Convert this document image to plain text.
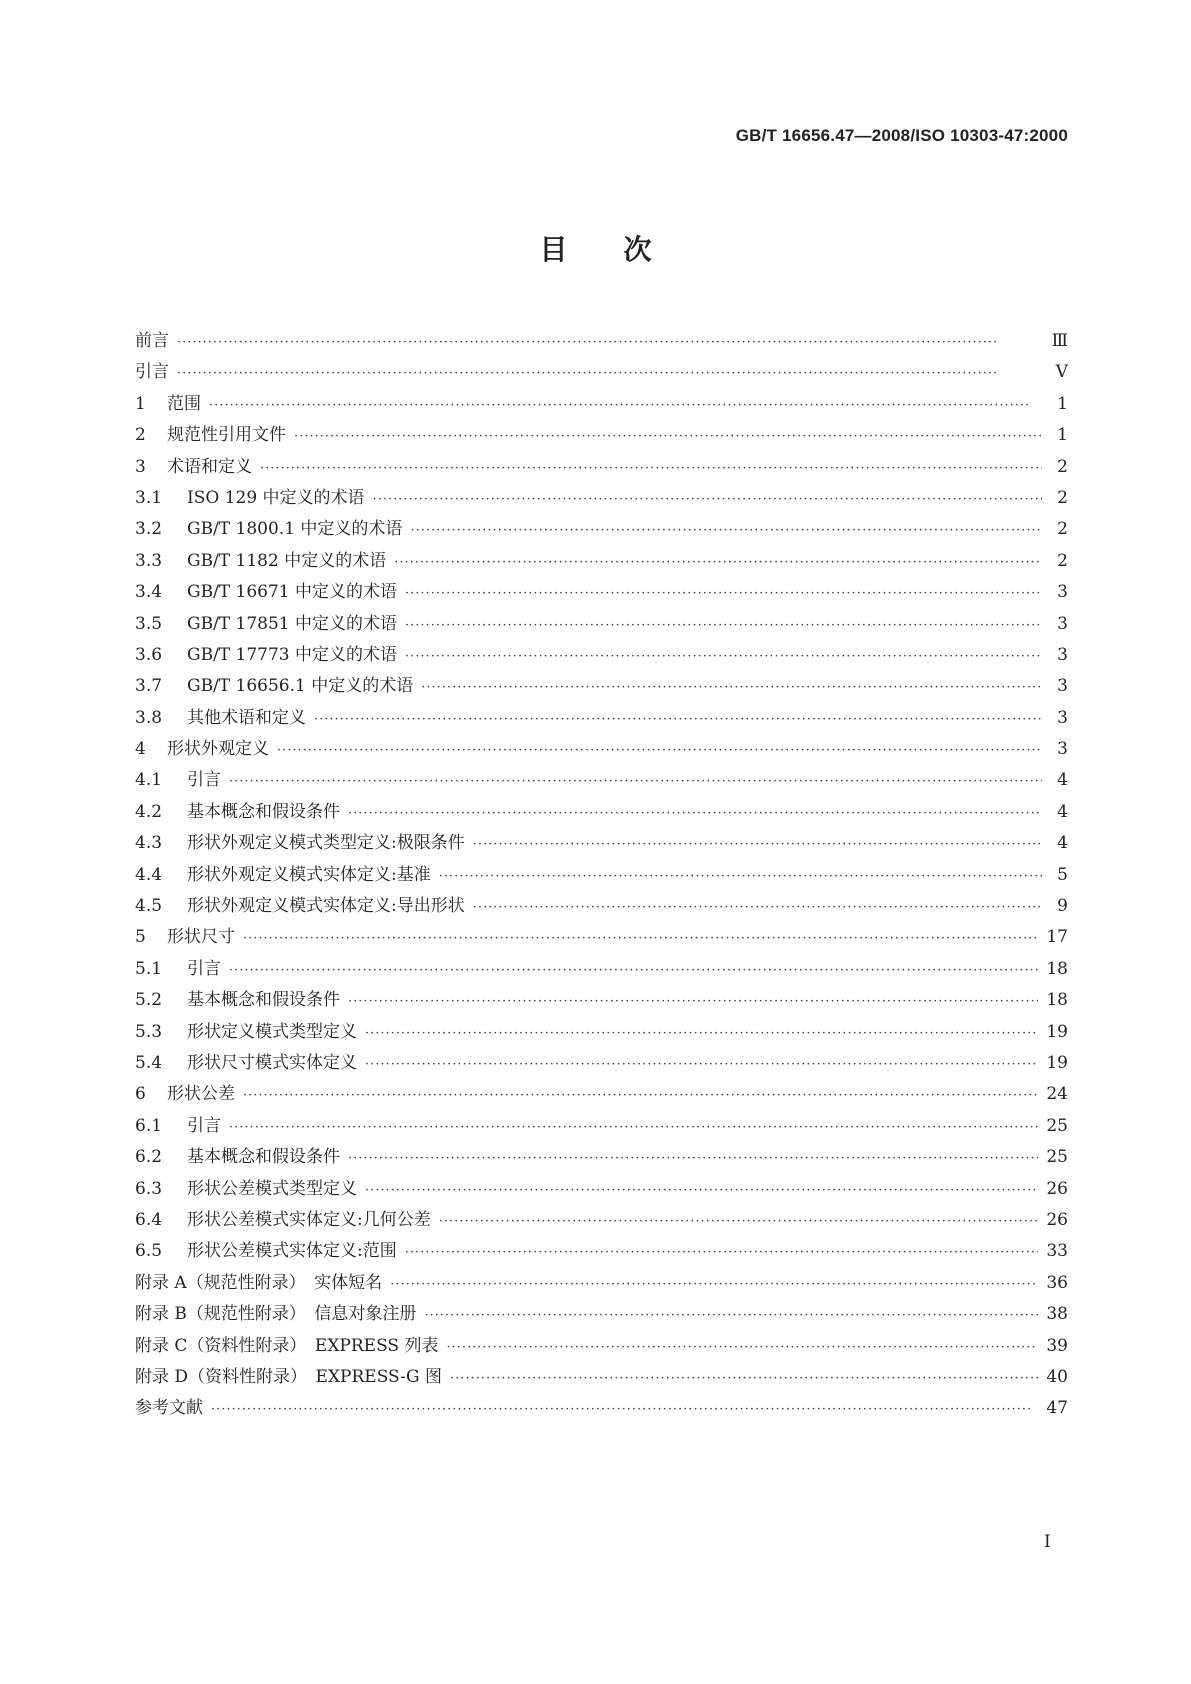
GB/T 16656.47—2008/ISO 10303-47:2000
目 次
前言 ·····	Ⅲ
引言 ·····	Ⅴ
1	范围 ·····	1
2	规范性引用文件 ·····	1
3	术语和定义 ·····	2
3.1	ISO 129 中定义的术语 ·····	2
3.2	GB/T 1800.1 中定义的术语 ·····	2
3.3	GB/T 1182 中定义的术语 ·····	2
3.4	GB/T 16671 中定义的术语 ·····	3
3.5	GB/T 17851 中定义的术语 ·····	3
3.6	GB/T 17773 中定义的术语 ·····	3
3.7	GB/T 16656.1 中定义的术语 ·····	3
3.8	其他术语和定义 ·····	3
4	形状外观定义 ·····	3
4.1	引言 ·····	4
4.2	基本概念和假设条件 ·····	4
4.3	形状外观定义模式类型定义:极限条件 ·····	4
4.4	形状外观定义模式实体定义:基准 ·····	5
4.5	形状外观定义模式实体定义:导出形状 ·····	9
5	形状尺寸 ·····	17
5.1	引言 ·····	18
5.2	基本概念和假设条件 ·····	18
5.3	形状定义模式类型定义 ·····	19
5.4	形状尺寸模式实体定义 ·····	19
6	形状公差 ·····	24
6.1	引言 ·····	25
6.2	基本概念和假设条件 ·····	25
6.3	形状公差模式类型定义 ·····	26
6.4	形状公差模式实体定义:几何公差 ·····	26
6.5	形状公差模式实体定义:范围 ·····	33
附录 A（规范性附录）　实体短名 ·····	36
附录 B（规范性附录）　信息对象注册 ·····	38
附录 C（资料性附录）　EXPRESS 列表 ·····	39
附录 D（资料性附录）　EXPRESS-G 图 ·····	40
参考文献 ·····	47
I
